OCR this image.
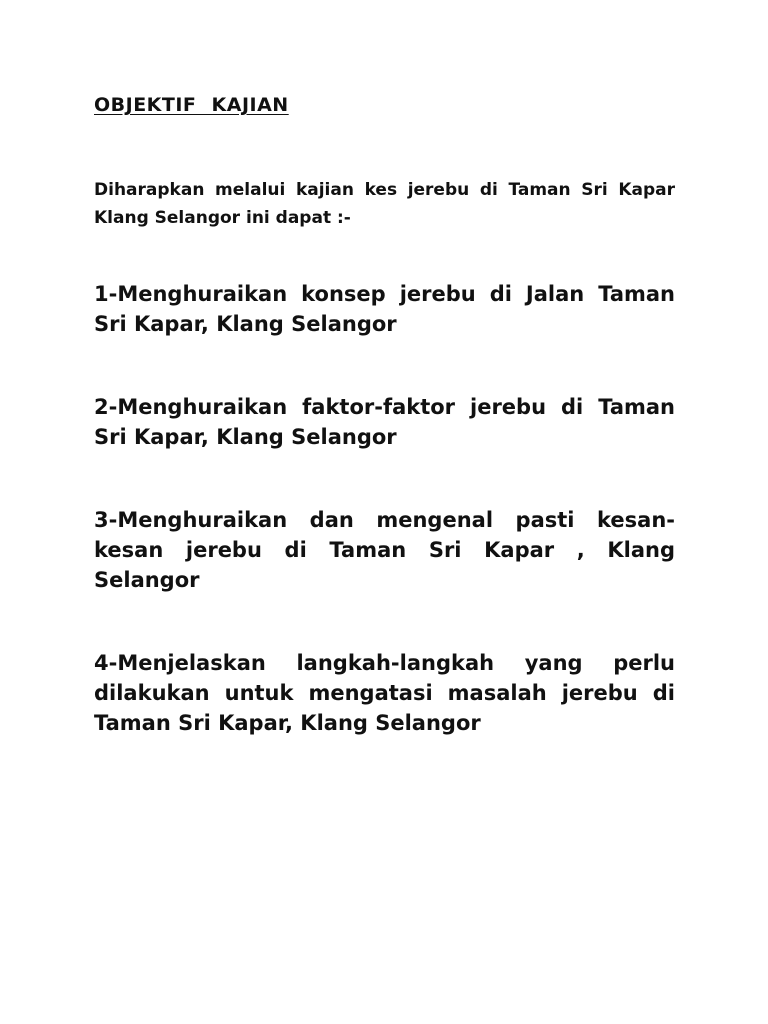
OBJEKTIF KAJIAN

Diharapkan melalui kajian kes jerebu di Taman Sri Kapar Klang Selangor ini dapat :-

1-Menghuraikan konsep jerebu di Jalan Taman Sri Kapar, Klang Selangor
2-Menghuraikan faktor-faktor jerebu di Taman Sri Kapar, Klang Selangor
3-Menghuraikan dan mengenal pasti kesan-kesan jerebu di Taman Sri Kapar , Klang Selangor
4-Menjelaskan langkah-langkah yang perlu dilakukan untuk mengatasi masalah jerebu di Taman Sri Kapar, Klang Selangor
